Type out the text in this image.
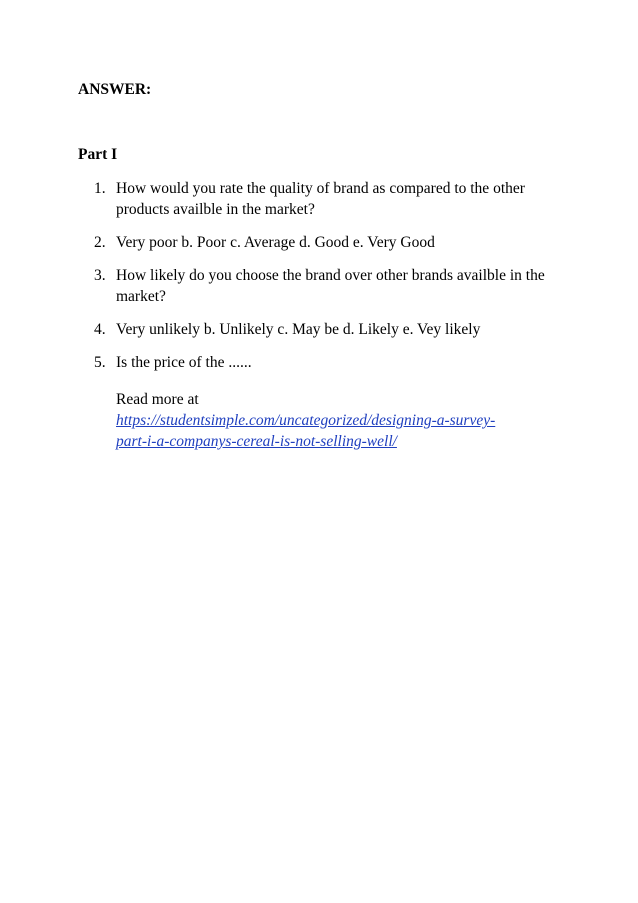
ANSWER:

Part I

1. How would you rate the quality of brand as compared to the other products availble in the market?
2. Very poor b. Poor c. Average d. Good e. Very Good
3. How likely do you choose the brand over other brands availble in the market?
4. Very unlikely b. Unlikely c. May be d. Likely e. Vey likely
5. Is the price of the ......
Read more at
https://studentsimple.com/uncategorized/designing-a-survey-
part-i-a-companys-cereal-is-not-selling-well/
